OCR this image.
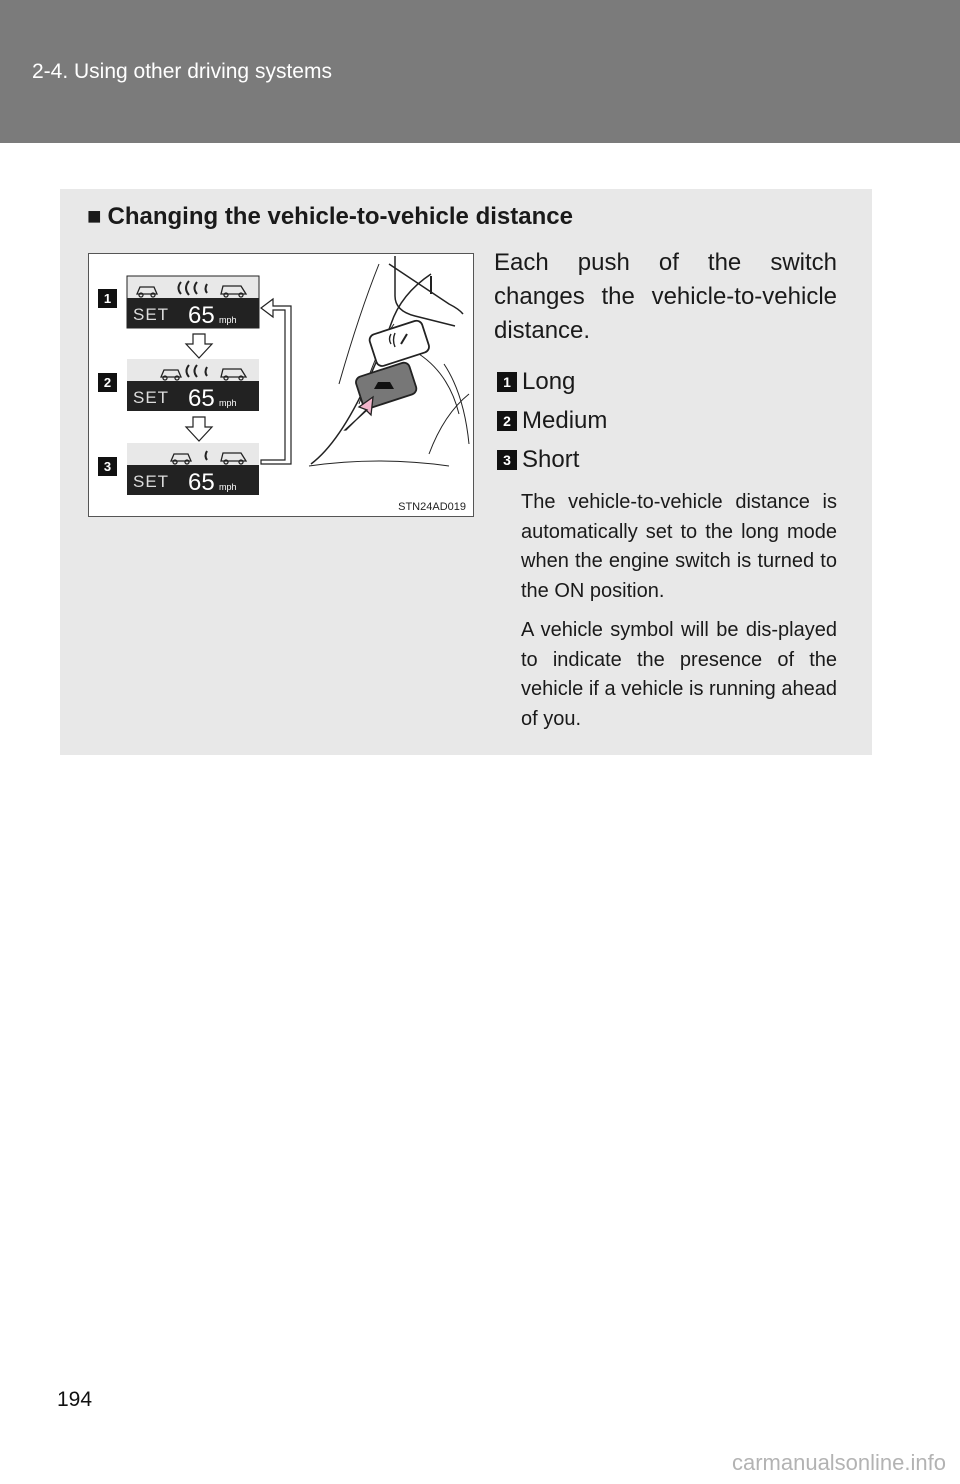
2-4. Using other driving systems
■ Changing the vehicle-to-vehicle distance
1
2
3
SET 65 mph
SET 65 mph
SET 65 mph
STN24AD019
Each push of the switch changes the vehicle-to-vehicle distance.
1 Long
2 Medium
3 Short
The vehicle-to-vehicle distance is automatically set to the long mode when the engine switch is turned to the ON position.
A vehicle symbol will be dis-played to indicate the presence of the vehicle if a vehicle is running ahead of you.
194
carmanualsonline.info
